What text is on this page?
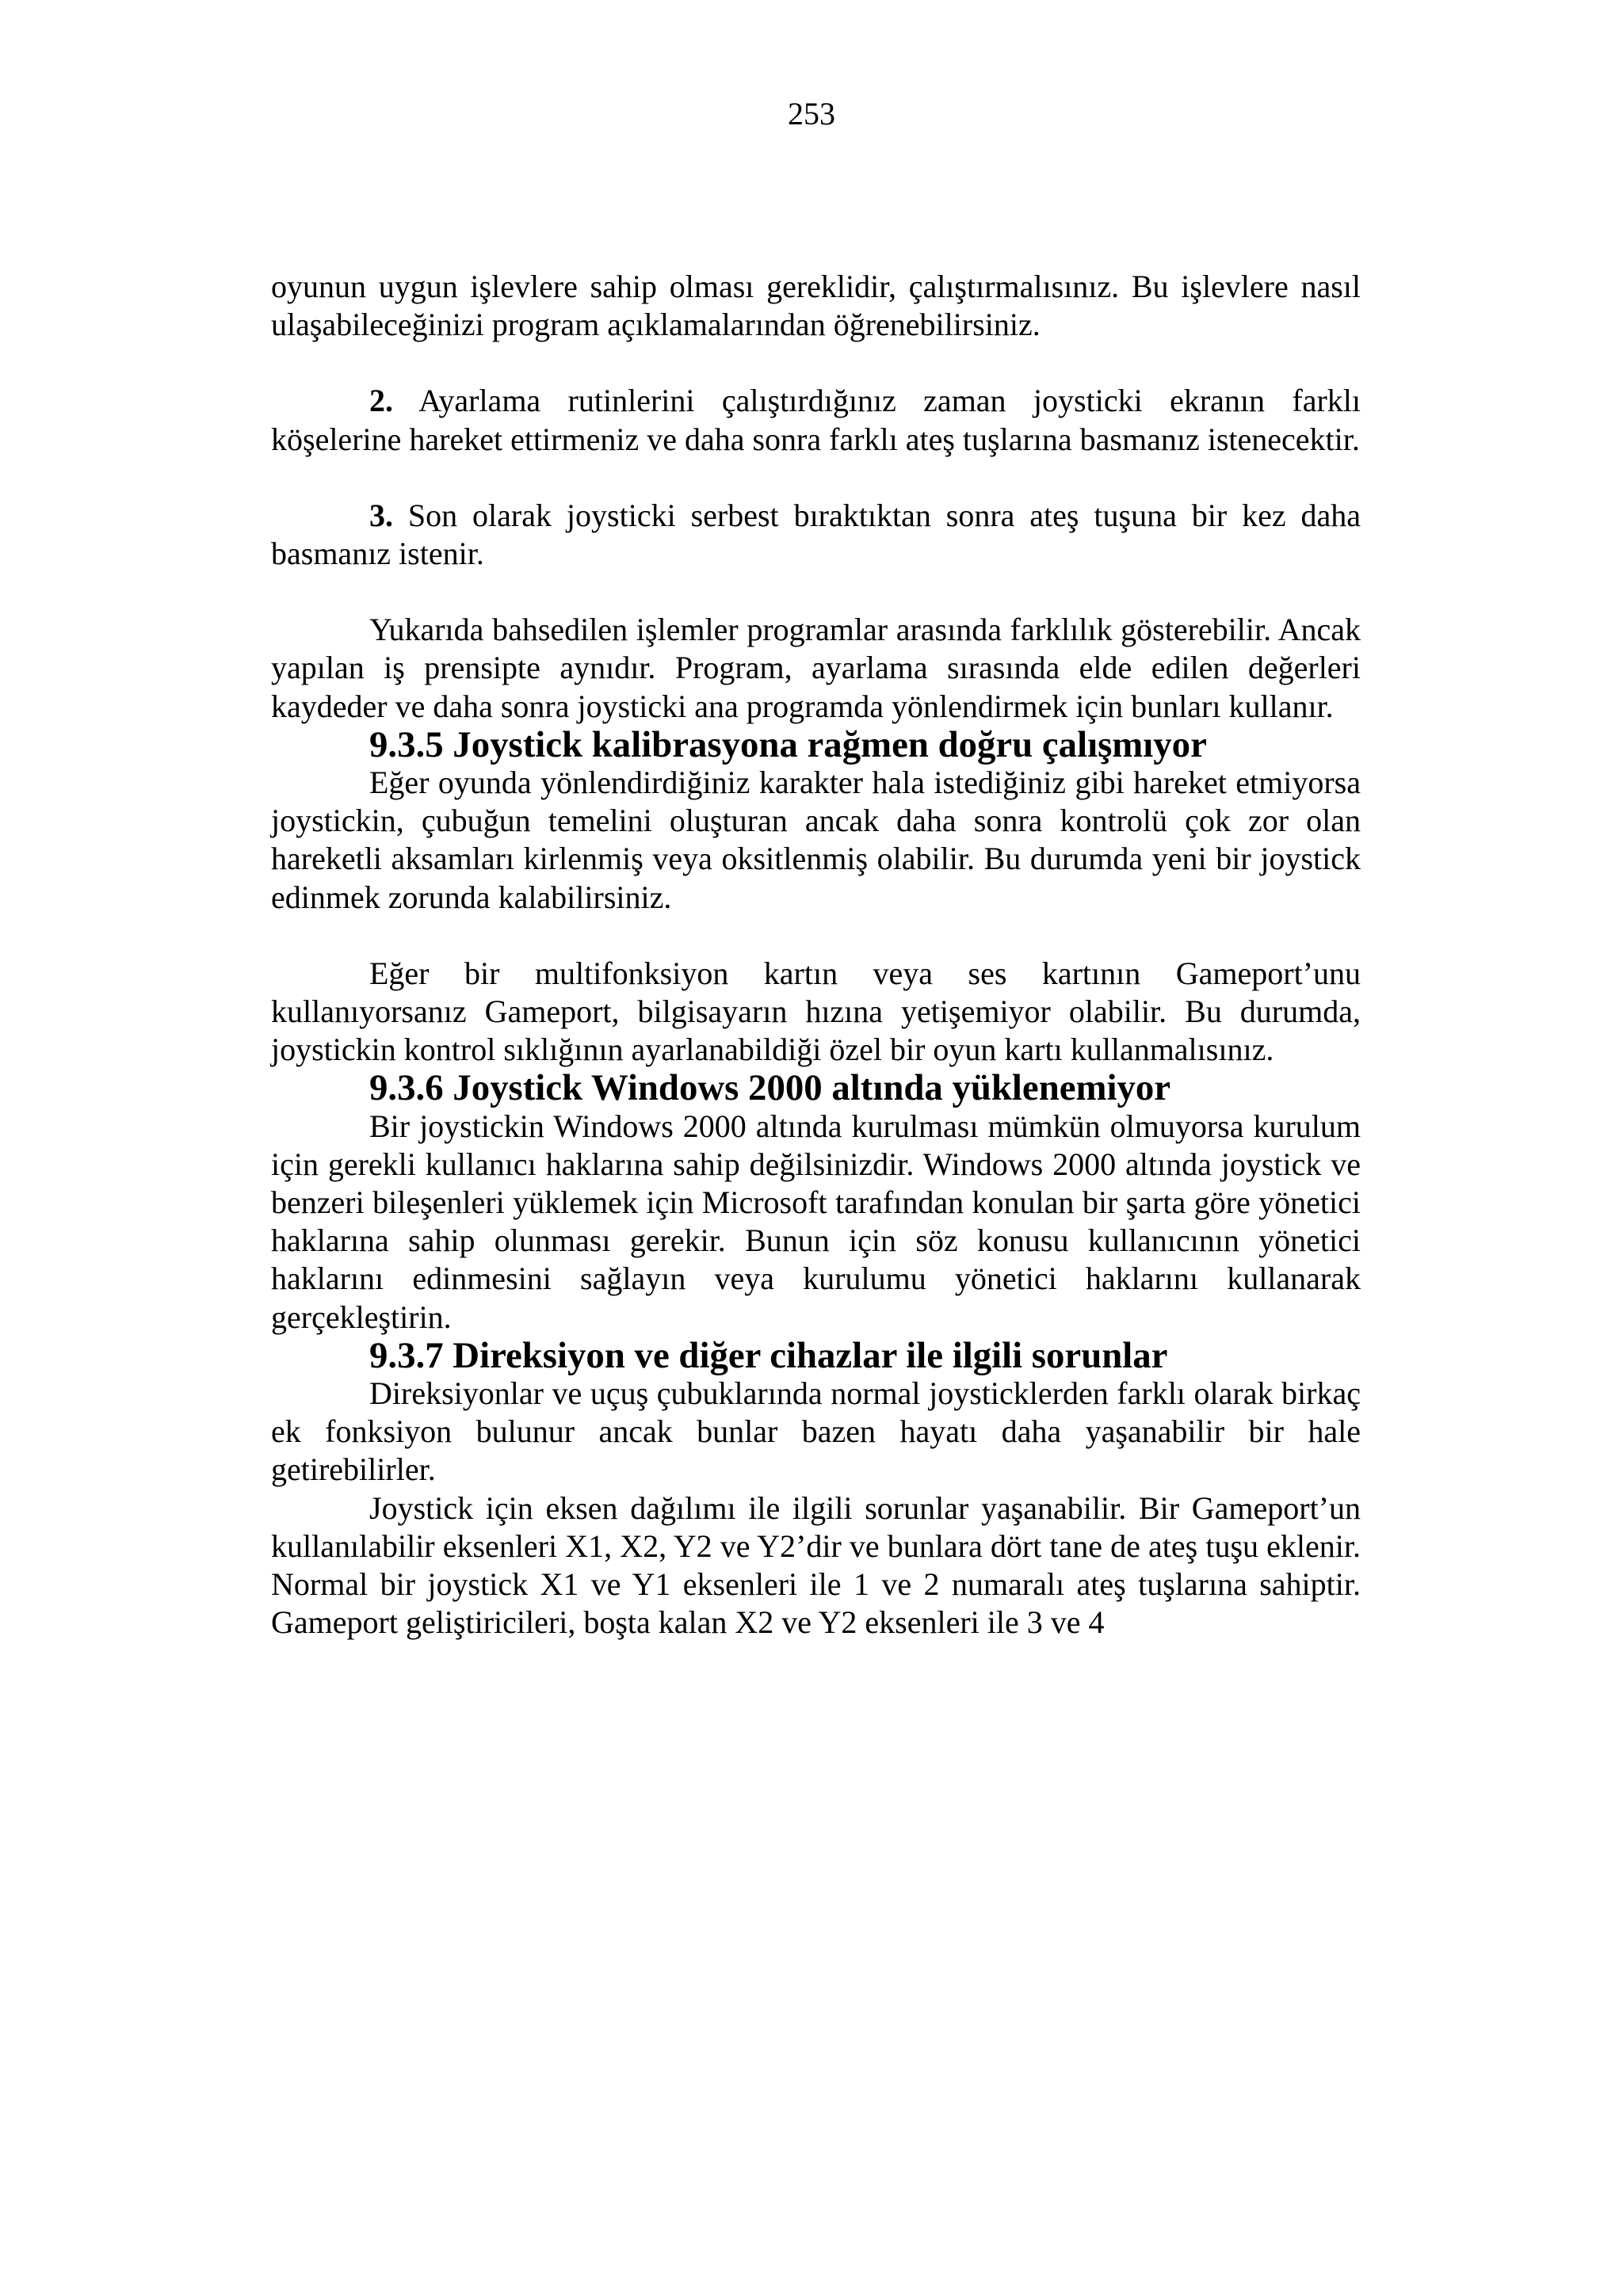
253

oyunun uygun işlevlere sahip olması gereklidir, çalıştırmalısınız. Bu işlevlere nasıl ulaşabileceğinizi program açıklamalarından öğrenebilirsiniz.

2. Ayarlama rutinlerini çalıştırdığınız zaman joysticki ekranın farklı köşelerine hareket ettirmeniz ve daha sonra farklı ateş tuşlarına basmanız istenecektir.

3. Son olarak joysticki serbest bıraktıktan sonra ateş tuşuna bir kez daha basmanız istenir.

Yukarıda bahsedilen işlemler programlar arasında farklılık gösterebilir. Ancak yapılan iş prensipte aynıdır. Program, ayarlama sırasında elde edilen değerleri kaydeder ve daha sonra joysticki ana programda yönlendirmek için bunları kullanır.

9.3.5 Joystick kalibrasyona rağmen doğru çalışmıyor

Eğer oyunda yönlendirdiğiniz karakter hala istediğiniz gibi hareket etmiyorsa joystickin, çubuğun temelini oluşturan ancak daha sonra kontrolü çok zor olan hareketli aksamları kirlenmiş veya oksitlenmiş olabilir. Bu durumda yeni bir joystick edinmek zorunda kalabilirsiniz.

Eğer bir multifonksiyon kartın veya ses kartının Gameport’unu kullanıyorsanız Gameport, bilgisayarın hızına yetişemiyor olabilir. Bu durumda, joystickin kontrol sıklığının ayarlanabildiği özel bir oyun kartı kullanmalısınız.

9.3.6 Joystick Windows 2000 altında yüklenemiyor

Bir joystickin Windows 2000 altında kurulması mümkün olmuyorsa kurulum için gerekli kullanıcı haklarına sahip değilsinizdir. Windows 2000 altında joystick ve benzeri bileşenleri yüklemek için Microsoft tarafından konulan bir şarta göre yönetici haklarına sahip olunması gerekir. Bunun için söz konusu kullanıcının yönetici haklarını edinmesini sağlayın veya kurulumu yönetici haklarını kullanarak gerçekleştirin.

9.3.7 Direksiyon ve diğer cihazlar ile ilgili sorunlar

Direksiyonlar ve uçuş çubuklarında normal joysticklerden farklı olarak birkaç ek fonksiyon bulunur ancak bunlar bazen hayatı daha yaşanabilir bir hale getirebilirler.

Joystick için eksen dağılımı ile ilgili sorunlar yaşanabilir. Bir Gameport’un kullanılabilir eksenleri X1, X2, Y2 ve Y2’dir ve bunlara dört tane de ateş tuşu eklenir. Normal bir joystick X1 ve Y1 eksenleri ile 1 ve 2 numaralı ateş tuşlarına sahiptir. Gameport geliştiricileri, boşta kalan X2 ve Y2 eksenleri ile 3 ve 4
